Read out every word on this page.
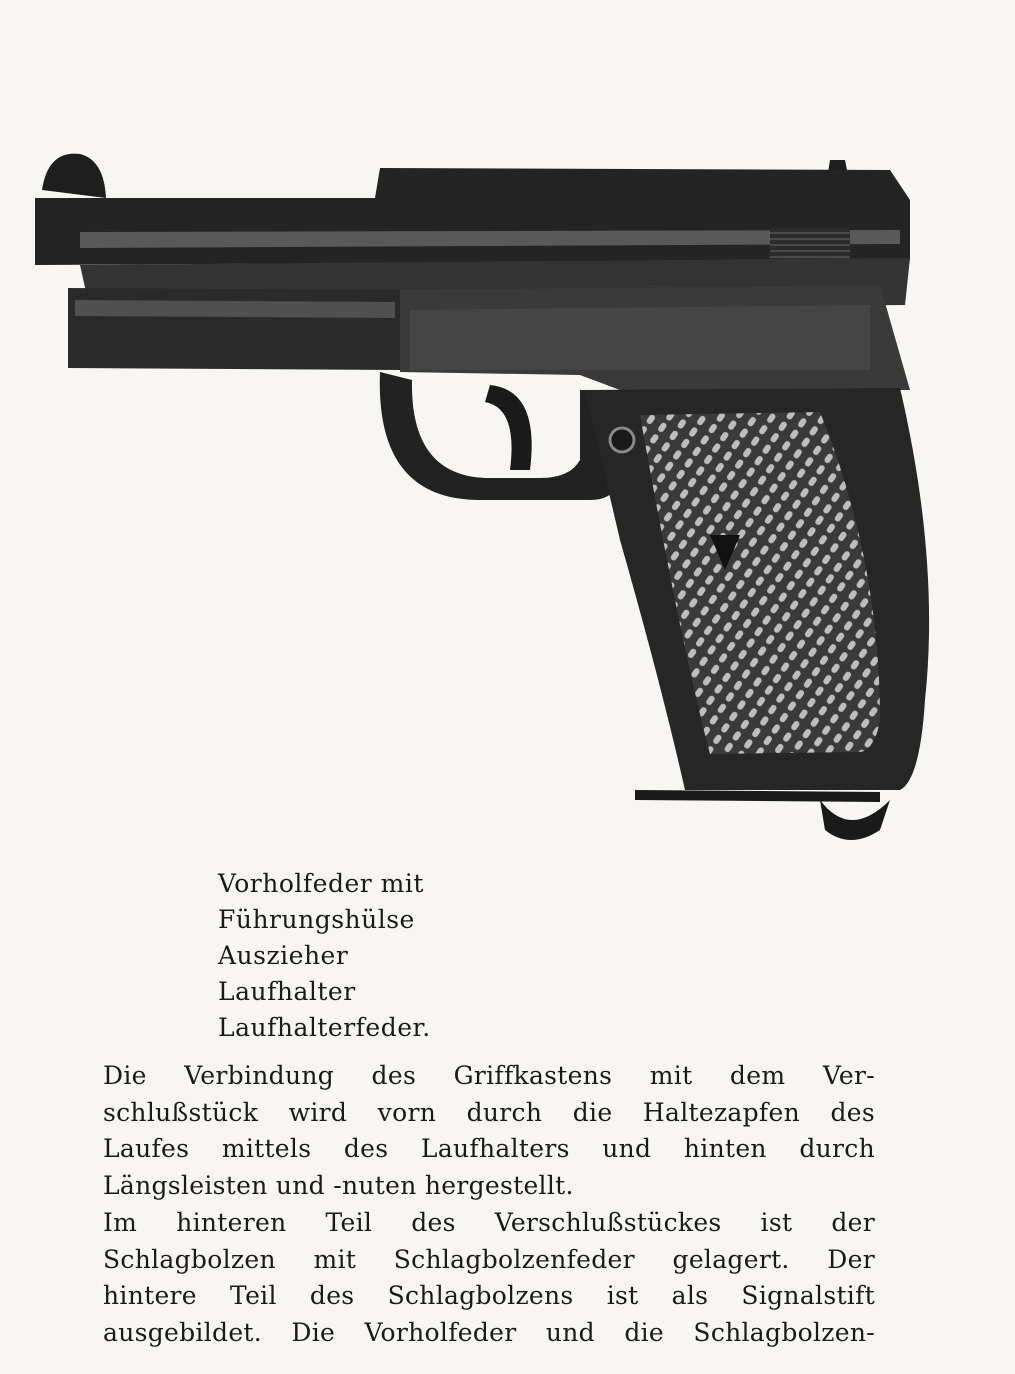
Vorholfeder mit
Führungshülse
Auszieher
Laufhalter
Laufhalterfeder.
Die Verbindung des Griffkastens mit dem Ver-
schlußstück wird vorn durch die Haltezapfen des
Laufes mittels des Laufhalters und hinten durch
Längsleisten und -nuten hergestellt.
Im hinteren Teil des Verschlußstückes ist der
Schlagbolzen mit Schlagbolzenfeder gelagert. Der
hintere Teil des Schlagbolzens ist als Signalstift
ausgebildet. Die Vorholfeder und die Schlagbolzen-
